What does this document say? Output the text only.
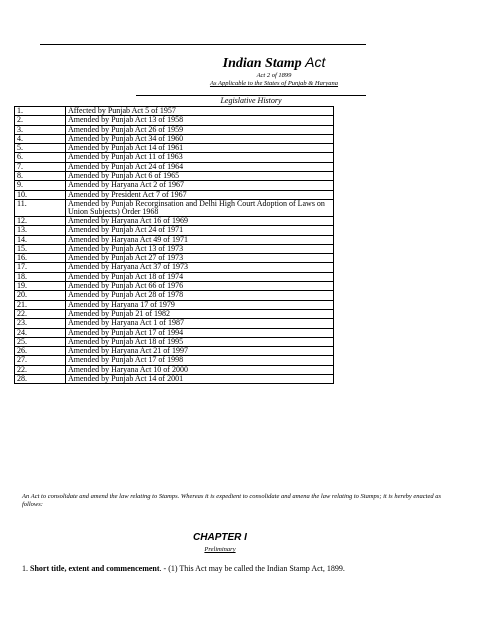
Indian Stamp Act
Act 2 of 1899
As Applicable to the States of Punjab & Haryana
Legislative History
1.	Affected by Punjab Act 5 of 1957
2.	Amended by Punjab Act 13 of 1958
3.	Amended by Punjab Act 26 of 1959
4.	Amended by Punjab Act 34 of 1960
5.	Amended by Punjab Act 14 of 1961
6.	Amended by Punjab Act 11 of 1963
7.	Amended by Punjab Act 24 of 1964
8.	Amended by Punjab Act 6 of 1965
9.	Amended by Haryana Act 2 of 1967
10.	Amended by President Act 7 of 1967
11.	Amended by Punjab Recorginsation and Delhi High Court Adoption of Laws on Union Subjects) Order 1968
12.	Amended by Haryana Act 16 of 1969
13.	Amended by Punjab Act 24 of 1971
14.	Amended by Haryana Act 49 of 1971
15.	Amended by Punjab Act 13 of 1973
16.	Amended by Punjab Act 27 of 1973
17.	Amended by Haryana Act 37 of 1973
18.	Amended by Punjab Act 18 of 1974
19.	Amended by Punjab Act 66 of 1976
20.	Amended by Punjab Act 28 of 1978
21.	Amended by Haryana 17 of 1979
22.	Amended by Punjab 21 of 1982
23.	Amended by Haryana Act 1 of 1987
24.	Amended by Punjab Act 17 of 1994
25.	Amended by Punjab Act 18 of 1995
26.	Amended by Haryana Act 21 of 1997
27.	Amended by Punjab Act 17 of 1998
22.	Amended by Haryana Act 10 of 2000
28.	Amended by Punjab Act 14 of 2001
An Act to consolidate and amend the law relating to Stamps. Whereas it is expedient to consolidate and amena the law relating to Stamps; it is hereby enacted as follows:
CHAPTER I
Preliminary
1. Short title, extent and commencement. - (1) This Act may be called the Indian Stamp Act, 1899.
